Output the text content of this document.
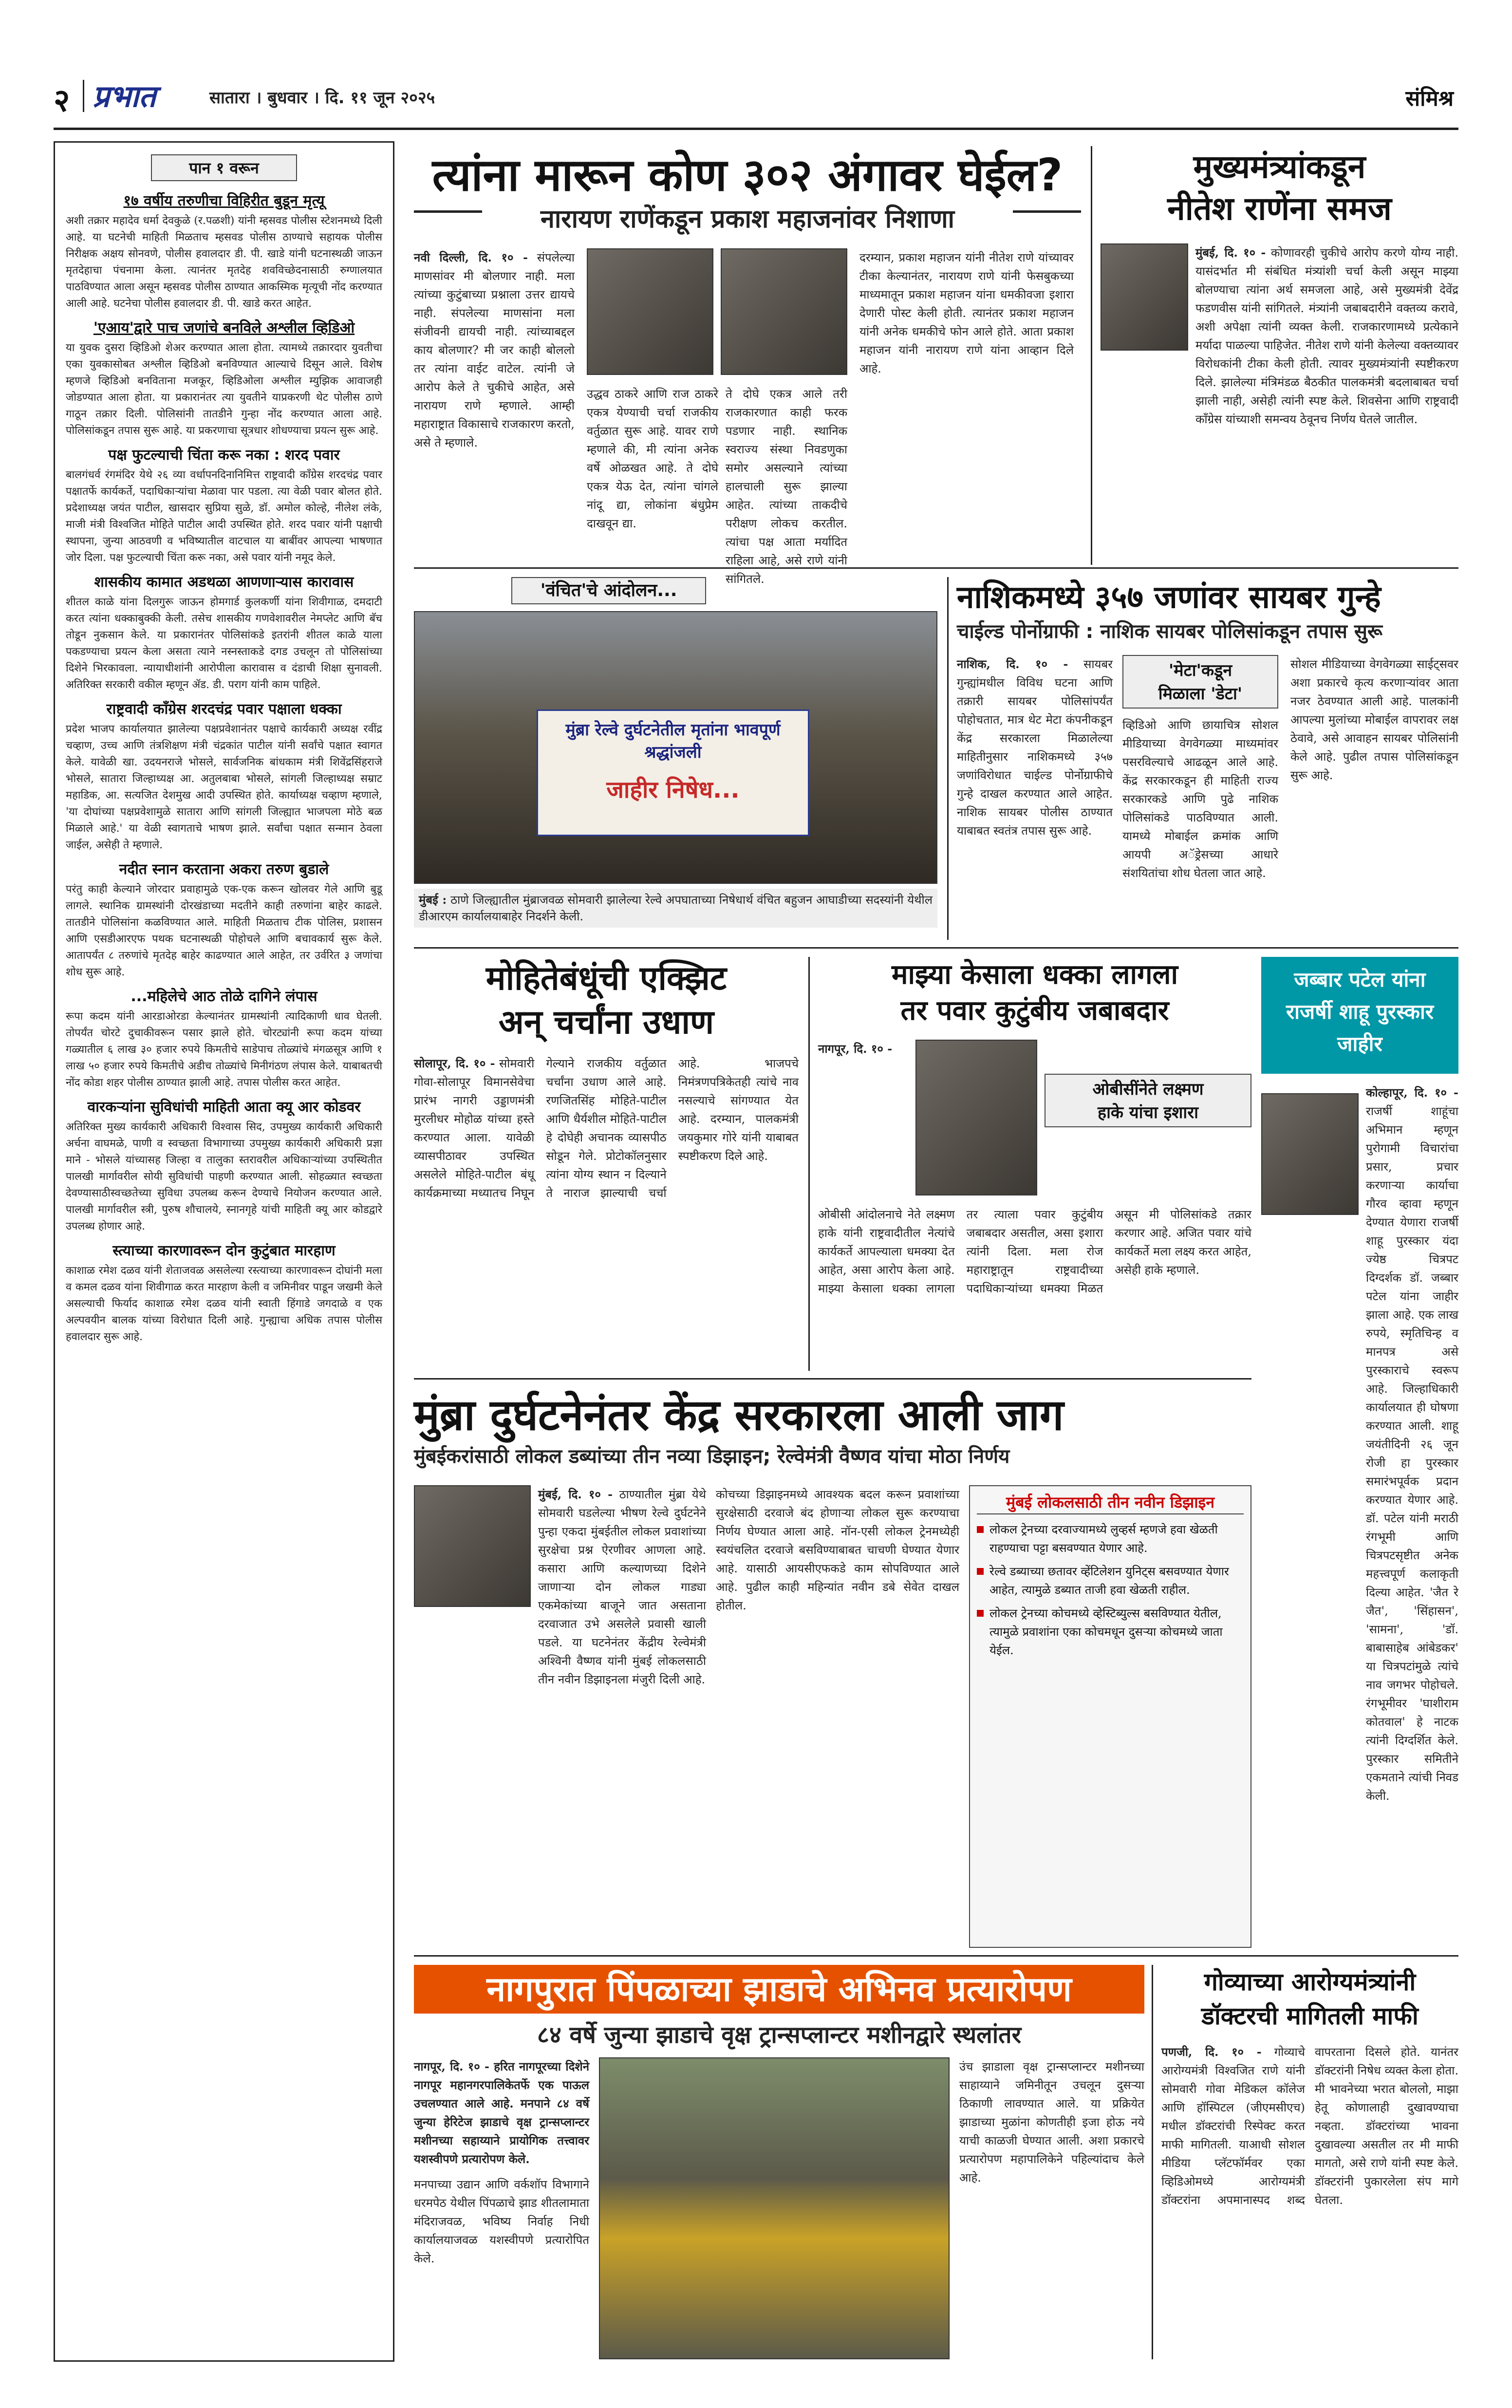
२ प्रभात	सातारा । बुधवार । दि. ११ जून २०२५	संमिश्र
पान १ वरून
१७ वर्षीय तरुणीचा विहिरीत बुडून मृत्यू
अशी तक्रार महादेव धर्मा देवकुळे (र.पळशी) यांनी म्हसवड पोलीस स्टेशनमध्ये दिली आहे. या घटनेची माहिती मिळताच म्हसवड पोलीस ठाण्याचे सहायक पोलीस निरीक्षक अक्षय सोनवणे, पोलीस हवालदार डी. पी. खाडे यांनी घटनास्थळी जाऊन मृतदेहाचा पंचनामा केला. त्यानंतर मृतदेह शवविच्छेदनासाठी रुग्णालयात पाठविण्यात आला असून म्हसवड पोलीस ठाण्यात आकस्मिक मृत्यूची नोंद करण्यात आली आहे. घटनेचा पोलीस हवालदार डी. पी. खाडे करत आहेत.
'एआय'द्वारे पाच जणांचे बनविले अश्लील व्हिडिओ
या युवक दुसरा व्हिडिओ शेअर करण्यात आला होता. त्यामध्ये तक्रारदार युवतीचा एका युवकासोबत अश्लील व्हिडिओ बनविण्यात आल्याचे दिसून आले. विशेष म्हणजे व्हिडिओ बनविताना मजकूर, व्हिडिओला अश्लील म्युझिक आवाजही जोडण्यात आला होता. या प्रकारानंतर त्या युवतीने याप्रकरणी थेट पोलीस ठाणे गाठून तक्रार दिली. पोलिसांनी तातडीने गुन्हा नोंद करण्यात आला आहे. पोलिसांकडून तपास सुरू आहे. या प्रकरणाचा सूत्रधार शोधण्याचा प्रयत्न सुरू आहे.
पक्ष फुटल्याची चिंता करू नका : शरद पवार
बालगंधर्व रंगमंदिर येथे २६ व्या वर्धापनदिनानिमित्त राष्ट्रवादी काँग्रेस शरदचंद्र पवार पक्षातर्फे कार्यकर्ते, पदाधिकाऱ्यांचा मेळावा पार पडला. त्या वेळी पवार बोलत होते. प्रदेशाध्यक्ष जयंत पाटील, खासदार सुप्रिया सुळे, डॉ. अमोल कोल्हे, नीलेश लंके, माजी मंत्री विश्वजित मोहिते पाटील आदी उपस्थित होते. शरद पवार यांनी पक्षाची स्थापना, जुन्या आठवणी व भविष्यातील वाटचाल या बाबींवर आपल्या भाषणात जोर दिला. पक्ष फुटल्याची चिंता करू नका, असे पवार यांनी नमूद केले.
शासकीय कामात अडथळा आणणाऱ्यास कारावास
शीतल काळे यांना दिलगुरू जाऊन होमगार्ड कुलकर्णी यांना शिवीगाळ, दमदाटी करत त्यांना धक्काबुक्की केली. तसेच शासकीय गणवेशावरील नेमप्लेट आणि बॅच तोडून नुकसान केले. या प्रकारानंतर पोलिसांकडे इतरांनी शीतल काळे याला पकडण्याचा प्रयत्न केला असता त्याने नस्नस्ताकडे दगड उचलून तो पोलिसांच्या दिशेने भिरकावला. न्यायाधीशांनी आरोपीला कारावास व दंडाची शिक्षा सुनावली. अतिरिक्त सरकारी वकील म्हणून ॲड. डी. पराग यांनी काम पाहिले.
राष्ट्रवादी काँग्रेस शरदचंद्र पवार पक्षाला धक्का
प्रदेश भाजप कार्यालयात झालेल्या पक्षप्रवेशानंतर पक्षाचे कार्यकारी अध्यक्ष रवींद्र चव्हाण, उच्च आणि तंत्रशिक्षण मंत्री चंद्रकांत पाटील यांनी सर्वांचे पक्षात स्वागत केले. यावेळी खा. उदयनराजे भोसले, सार्वजनिक बांधकाम मंत्री शिवेंद्रसिंहराजे भोसले, सातारा जिल्हाध्यक्ष आ. अतुलबाबा भोसले, सांगली जिल्हाध्यक्ष सम्राट महाडिक, आ. सत्यजित देशमुख आदी उपस्थित होते. कार्याध्यक्ष चव्हाण म्हणाले, 'या दोघांच्या पक्षप्रवेशामुळे सातारा आणि सांगली जिल्ह्यात भाजपला मोठे बळ मिळाले आहे.' या वेळी स्वागताचे भाषण झाले. सर्वांचा पक्षात सन्मान ठेवला जाईल, असेही ते म्हणाले.
नदीत स्नान करताना अकरा तरुण बुडाले
परंतु काही केल्याने जोरदार प्रवाहामुळे एक-एक करून खोलवर गेले आणि बुडू लागले. स्थानिक ग्रामस्थांनी दोरखंडाच्या मदतीने काही तरुणांना बाहेर काढले. तातडीने पोलिसांना कळविण्यात आले. माहिती मिळताच टीक पोलिस, प्रशासन आणि एसडीआरएफ पथक घटनास्थळी पोहोचले आणि बचावकार्य सुरू केले. आतापर्यंत ८ तरुणांचे मृतदेह बाहेर काढण्यात आले आहेत, तर उर्वरित ३ जणांचा शोध सुरू आहे.
...महिलेचे आठ तोळे दागिने लंपास
रूपा कदम यांनी आरडाओरडा केल्यानंतर ग्रामस्थांनी त्यादिकाणी धाव घेतली. तोपर्यंत चोरटे दुचाकीवरून पसार झाले होते. चोरट्यांनी रूपा कदम यांच्या गळ्यातील ६ लाख ३० हजार रुपये किमतीचे साडेपाच तोळ्यांचे मंगळसूत्र आणि १ लाख ५० हजार रुपये किमतीचे अडीच तोळ्यांचे मिनीगंठण लंपास केले. याबाबतची नोंद काेडा शहर पोलीस ठाण्यात झाली आहे. तपास पोलीस करत आहेत.
वारकऱ्यांना सुविधांची माहिती आता क्यू आर कोडवर
अतिरिक्त मुख्य कार्यकारी अधिकारी विश्वास सिद, उपमुख्य कार्यकारी अधिकारी अर्चना वाघमळे, पाणी व स्वच्छता विभागाच्या उपमुख्य कार्यकारी अधिकारी प्रज्ञा माने - भोसले यांच्यासह जिल्हा व तालुका स्तरावरील अधिकाऱ्यांच्या उपस्थितीत पालखी मार्गावरील सोयी सुविधांची पाहणी करण्यात आली. सोहळ्यात स्वच्छता देवण्यासाठीस्वच्छतेच्या सुविधा उपलब्ध करून देण्याचे नियोजन करण्यात आले. पालखी मार्गावरील स्त्री, पुरुष शौचालये, स्नानगृहे यांची माहिती क्यू आर कोडद्वारे उपलब्ध होणार आहे.
स्त्याच्या कारणावरून दोन कुटुंबात मारहाण
काशाळ रमेश दळव यांनी शेताजवळ असलेल्या रस्त्याच्या कारणावरून दोघांनी मला व कमल दळव यांना शिवीगाळ करत मारहाण केली व जमिनीवर पाडून जखमी केले असल्याची फिर्याद काशाळ रमेश दळव यांनी स्वाती हिंगाडे जगदाळे व एक अल्पवयीन बालक यांच्या विरोधात दिली आहे. गुन्ह्याचा अधिक तपास पोलीस हवालदार सुरू आहे.
त्यांना मारून कोण ३०२ अंगावर घेईल?
नारायण राणेंकडून प्रकाश महाजनांवर निशाणा
नवी दिल्ली, दि. १० - संपलेल्या माणसांवर मी बोलणार नाही. मला त्यांच्या कुटुंबाच्या प्रश्नाला उत्तर द्यायचे नाही. संपलेल्या माणसांना मला संजीवनी द्यायची नाही. त्यांच्याबद्दल काय बोलणार? मी जर काही बोललो तर त्यांना वाईट वाटेल. त्यांनी जे आरोप केले ते चुकीचे आहेत, असे नारायण राणे म्हणाले. आम्ही महाराष्ट्रात विकासाचे राजकारण करतो, असे ते म्हणाले.
उद्धव ठाकरे आणि राज ठाकरे एकत्र येण्याची चर्चा राजकीय वर्तुळात सुरू आहे. यावर राणे म्हणाले की, मी त्यांना अनेक वर्षे ओळखत आहे. ते दोघे एकत्र येऊ देत, त्यांना चांगले नांदू द्या, लोकांना बंधुप्रेम दाखवून द्या.
ते दोघे एकत्र आले तरी राजकारणात काही फरक पडणार नाही. स्थानिक स्वराज्य संस्था निवडणुका समोर असल्याने त्यांच्या हालचाली सुरू झाल्या आहेत. त्यांच्या ताकदीचे परीक्षण लोकच करतील. त्यांचा पक्ष आता मर्यादित राहिला आहे, असे राणे यांनी सांगितले.
दरम्यान, प्रकाश महाजन यांनी नीतेश राणे यांच्यावर टीका केल्यानंतर, नारायण राणे यांनी फेसबुकच्या माध्यमातून प्रकाश महाजन यांना धमकीवजा इशारा देणारी पोस्ट केली होती. त्यानंतर प्रकाश महाजन यांनी अनेक धमकीचे फोन आले होते. आता प्रकाश महाजन यांनी नारायण राणे यांना आव्हान दिले आहे.
मुख्यमंत्र्यांकडून
नीतेश राणेंना समज
मुंबई, दि. १० - कोणावरही चुकीचे आरोप करणे योग्य नाही. यासंदर्भात मी संबंधित मंत्र्यांशी चर्चा केली असून माझ्या बोलण्याचा त्यांना अर्थ समजला आहे, असे मुख्यमंत्री देवेंद्र फडणवीस यांनी सांगितले. मंत्र्यांनी जबाबदारीने वक्तव्य करावे, अशी अपेक्षा त्यांनी व्यक्त केली. राजकारणामध्ये प्रत्येकाने मर्यादा पाळल्या पाहिजेत. नीतेश राणे यांनी केलेल्या वक्तव्यावर विरोधकांनी टीका केली होती. त्यावर मुख्यमंत्र्यांनी स्पष्टीकरण दिले. झालेल्या मंत्रिमंडळ बैठकीत पालकमंत्री बदलाबाबत चर्चा झाली नाही, असेही त्यांनी स्पष्ट केले. शिवसेना आणि राष्ट्रवादी काँग्रेस यांच्याशी समन्वय ठेवूनच निर्णय घेतले जातील.
'वंचित'चे आंदोलन...
मुंब्रा रेल्वे दुर्घटनेतील मृतांना भावपूर्ण श्रद्धांजली
जाहीर निषेध...
मुंबई : ठाणे जिल्ह्यातील मुंब्राजवळ सोमवारी झालेल्या रेल्वे अपघाताच्या निषेधार्थ वंचित बहुजन आघाडीच्या सदस्यांनी येथील डीआरएम कार्यालयाबाहेर निदर्शने केली.
नाशिकमध्ये ३५७ जणांवर सायबर गुन्हे
चाईल्ड पोर्नोग्राफी : नाशिक सायबर पोलिसांकडून तपास सुरू
नाशिक, दि. १० - सायबर गुन्ह्यांमधील विविध घटना आणि तक्रारी सायबर पोलिसांपर्यंत पोहोचतात, मात्र थेट मेटा कंपनीकडून केंद्र सरकारला मिळालेल्या माहितीनुसार नाशिकमध्ये ३५७ जणांविरोधात चाईल्ड पोर्नोग्राफीचे गुन्हे दाखल करण्यात आले आहेत. नाशिक सायबर पोलीस ठाण्यात याबाबत स्वतंत्र तपास सुरू आहे.
'मेटा'कडून
मिळाला 'डेटा'
व्हिडिओ आणि छायाचित्र सोशल मीडियाच्या वेगवेगळ्या माध्यमांवर पसरविल्याचे आढळून आले आहे. केंद्र सरकारकडून ही माहिती राज्य सरकारकडे आणि पुढे नाशिक पोलिसांकडे पाठविण्यात आली. यामध्ये मोबाईल क्रमांक आणि आयपी अॅड्रेसच्या आधारे संशयितांचा शोध घेतला जात आहे.
सोशल मीडियाच्या वेगवेगळ्या साईट्सवर अशा प्रकारचे कृत्य करणाऱ्यांवर आता नजर ठेवण्यात आली आहे. पालकांनी आपल्या मुलांच्या मोबाईल वापरावर लक्ष ठेवावे, असे आवाहन सायबर पोलिसांनी केले आहे. पुढील तपास पोलिसांकडून सुरू आहे.
मोहितेबंधूंची एक्झिट
अन् चर्चांना उधाण
सोलापूर, दि. १० - सोमवारी गोवा-सोलापूर विमानसेवेचा प्रारंभ नागरी उड्डाणमंत्री मुरलीधर मोहोळ यांच्या हस्ते करण्यात आला. यावेळी व्यासपीठावर उपस्थित असलेले मोहिते-पाटील बंधू कार्यक्रमाच्या मध्यातच निघून गेल्याने राजकीय वर्तुळात चर्चांना उधाण आले आहे. रणजितसिंह मोहिते-पाटील आणि धैर्यशील मोहिते-पाटील हे दोघेही अचानक व्यासपीठ सोडून गेले. प्रोटोकॉलनुसार त्यांना योग्य स्थान न दिल्याने ते नाराज झाल्याची चर्चा आहे. भाजपचे निमंत्रणपत्रिकेतही त्यांचे नाव नसल्याचे सांगण्यात येत आहे. दरम्यान, पालकमंत्री जयकुमार गोरे यांनी याबाबत स्पष्टीकरण दिले आहे.
माझ्या केसाला धक्का लागला
तर पवार कुटुंबीय जबाबदार
नागपूर, दि. १० -
ओबीसींनेते लक्ष्मण
हाके यांचा इशारा
ओबीसी आंदोलनाचे नेते लक्ष्मण हाके यांनी राष्ट्रवादीतील नेत्यांचे कार्यकर्ते आपल्याला धमक्या देत आहेत, असा आरोप केला आहे. माझ्या केसाला धक्का लागला तर त्याला पवार कुटुंबीय जबाबदार असतील, असा इशारा त्यांनी दिला. मला रोज महाराष्ट्रातून राष्ट्रवादीच्या पदाधिकाऱ्यांच्या धमक्या मिळत असून मी पोलिसांकडे तक्रार करणार आहे. अजित पवार यांचे कार्यकर्ते मला लक्ष्य करत आहेत, असेही हाके म्हणाले.
जब्बार पटेल यांना
राजर्षी शाहू पुरस्कार
जाहीर
कोल्हापूर, दि. १० - राजर्षी शाहूंचा अभिमान म्हणून पुरोगामी विचारांचा प्रसार, प्रचार करणाऱ्या कार्याचा गौरव व्हावा म्हणून देण्यात येणारा राजर्षी शाहू पुरस्कार यंदा ज्येष्ठ चित्रपट दिग्दर्शक डॉ. जब्बार पटेल यांना जाहीर झाला आहे. एक लाख रुपये, स्मृतिचिन्ह व मानपत्र असे पुरस्काराचे स्वरूप आहे. जिल्हाधिकारी कार्यालयात ही घोषणा करण्यात आली. शाहू जयंतीदिनी २६ जून रोजी हा पुरस्कार समारंभपूर्वक प्रदान करण्यात येणार आहे. डॉ. पटेल यांनी मराठी रंगभूमी आणि चित्रपटसृष्टीत अनेक महत्त्वपूर्ण कलाकृती दिल्या आहेत. 'जैत रे जैत', 'सिंहासन', 'सामना', 'डॉ. बाबासाहेब आंबेडकर' या चित्रपटांमुळे त्यांचे नाव जगभर पोहोचले. रंगभूमीवर 'घाशीराम कोतवाल' हे नाटक त्यांनी दिग्दर्शित केले. पुरस्कार समितीने एकमताने त्यांची निवड केली.
मुंब्रा दुर्घटनेनंतर केंद्र सरकारला आली जाग
मुंबईकरांसाठी लोकल डब्यांच्या तीन नव्या डिझाइन; रेल्वेमंत्री वैष्णव यांचा मोठा निर्णय
मुंबई, दि. १० - ठाण्यातील मुंब्रा येथे सोमवारी घडलेल्या भीषण रेल्वे दुर्घटनेने पुन्हा एकदा मुंबईतील लोकल प्रवाशांच्या सुरक्षेचा प्रश्न ऐरणीवर आणला आहे. कसारा आणि कल्याणच्या दिशेने जाणाऱ्या दोन लोकल गाड्या एकमेकांच्या बाजूने जात असताना दरवाजात उभे असलेले प्रवासी खाली पडले. या घटनेनंतर केंद्रीय रेल्वेमंत्री अश्विनी वैष्णव यांनी मुंबई लोकलसाठी तीन नवीन डिझाइनला मंजुरी दिली आहे.
कोचच्या डिझाइनमध्ये आवश्यक बदल करून प्रवाशांच्या सुरक्षेसाठी दरवाजे बंद होणाऱ्या लोकल सुरू करण्याचा निर्णय घेण्यात आला आहे. नॉन-एसी लोकल ट्रेनमध्येही स्वयंचलित दरवाजे बसविण्याबाबत चाचणी घेण्यात येणार आहे. यासाठी आयसीएफकडे काम सोपविण्यात आले आहे. पुढील काही महिन्यांत नवीन डबे सेवेत दाखल होतील.
मुंबई लोकलसाठी तीन नवीन डिझाइन
लोकल ट्रेनच्या दरवाज्यामध्ये लुव्हर्स म्हणजे हवा खेळती राहण्याचा पट्टा बसवण्यात येणार आहे.
रेल्वे डब्याच्या छतावर व्हेंटिलेशन युनिट्स बसवण्यात येणार आहेत, त्यामुळे डब्यात ताजी हवा खेळती राहील.
लोकल ट्रेनच्या कोचमध्ये व्हेस्टिब्युल्स बसविण्यात येतील, त्यामुळे प्रवाशांना एका कोचमधून दुसऱ्या कोचमध्ये जाता येईल.
नागपुरात पिंपळाच्या झाडाचे अभिनव प्रत्यारोपण
८४ वर्षे जुन्या झाडाचे वृक्ष ट्रान्सप्लान्टर मशीनद्वारे स्थलांतर
नागपूर, दि. १० - हरित नागपूरच्या दिशेने नागपूर महानगरपालिकेतर्फे एक पाऊल उचलण्यात आले आहे. मनपाने ८४ वर्षे जुन्या हेरिटेज झाडाचे वृक्ष ट्रान्सप्लान्टर मशीनच्या सहाय्याने प्रायोगिक तत्त्वावर यशस्वीपणे प्रत्यारोपण केले.
मनपाच्या उद्यान आणि वर्कशॉप विभागाने धरमपेठ येथील पिंपळाचे झाड शीतलामाता मंदिराजवळ, भविष्य निर्वाह निधी कार्यालयाजवळ यशस्वीपणे प्रत्यारोपित केले.
उंच झाडाला वृक्ष ट्रान्सप्लान्टर मशीनच्या साहाय्याने जमिनीतून उचलून दुसऱ्या ठिकाणी लावण्यात आले. या प्रक्रियेत झाडाच्या मुळांना कोणतीही इजा होऊ नये याची काळजी घेण्यात आली. अशा प्रकारचे प्रत्यारोपण महापालिकेने पहिल्यांदाच केले आहे.
गोव्याच्या आरोग्यमंत्र्यांनी
डॉक्टरची मागितली माफी
पणजी, दि. १० - गोव्याचे आरोग्यमंत्री विश्वजित राणे यांनी सोमवारी गोवा मेडिकल कॉलेज आणि हॉस्पिटल (जीएमसीएच) मधील डॉक्टरांची रिस्पेक्ट करत माफी मागितली. याआधी सोशल मीडिया प्लॅटफॉर्मवर एका व्हिडिओमध्ये आरोग्यमंत्री डॉक्टरांना अपमानास्पद शब्द वापरताना दिसले होते. यानंतर डॉक्टरांनी निषेध व्यक्त केला होता. मी भावनेच्या भरात बोललो, माझा हेतू कोणालाही दुखावण्याचा नव्हता. डॉक्टरांच्या भावना दुखावल्या असतील तर मी माफी मागतो, असे राणे यांनी स्पष्ट केले. डॉक्टरांनी पुकारलेला संप मागे घेतला.
